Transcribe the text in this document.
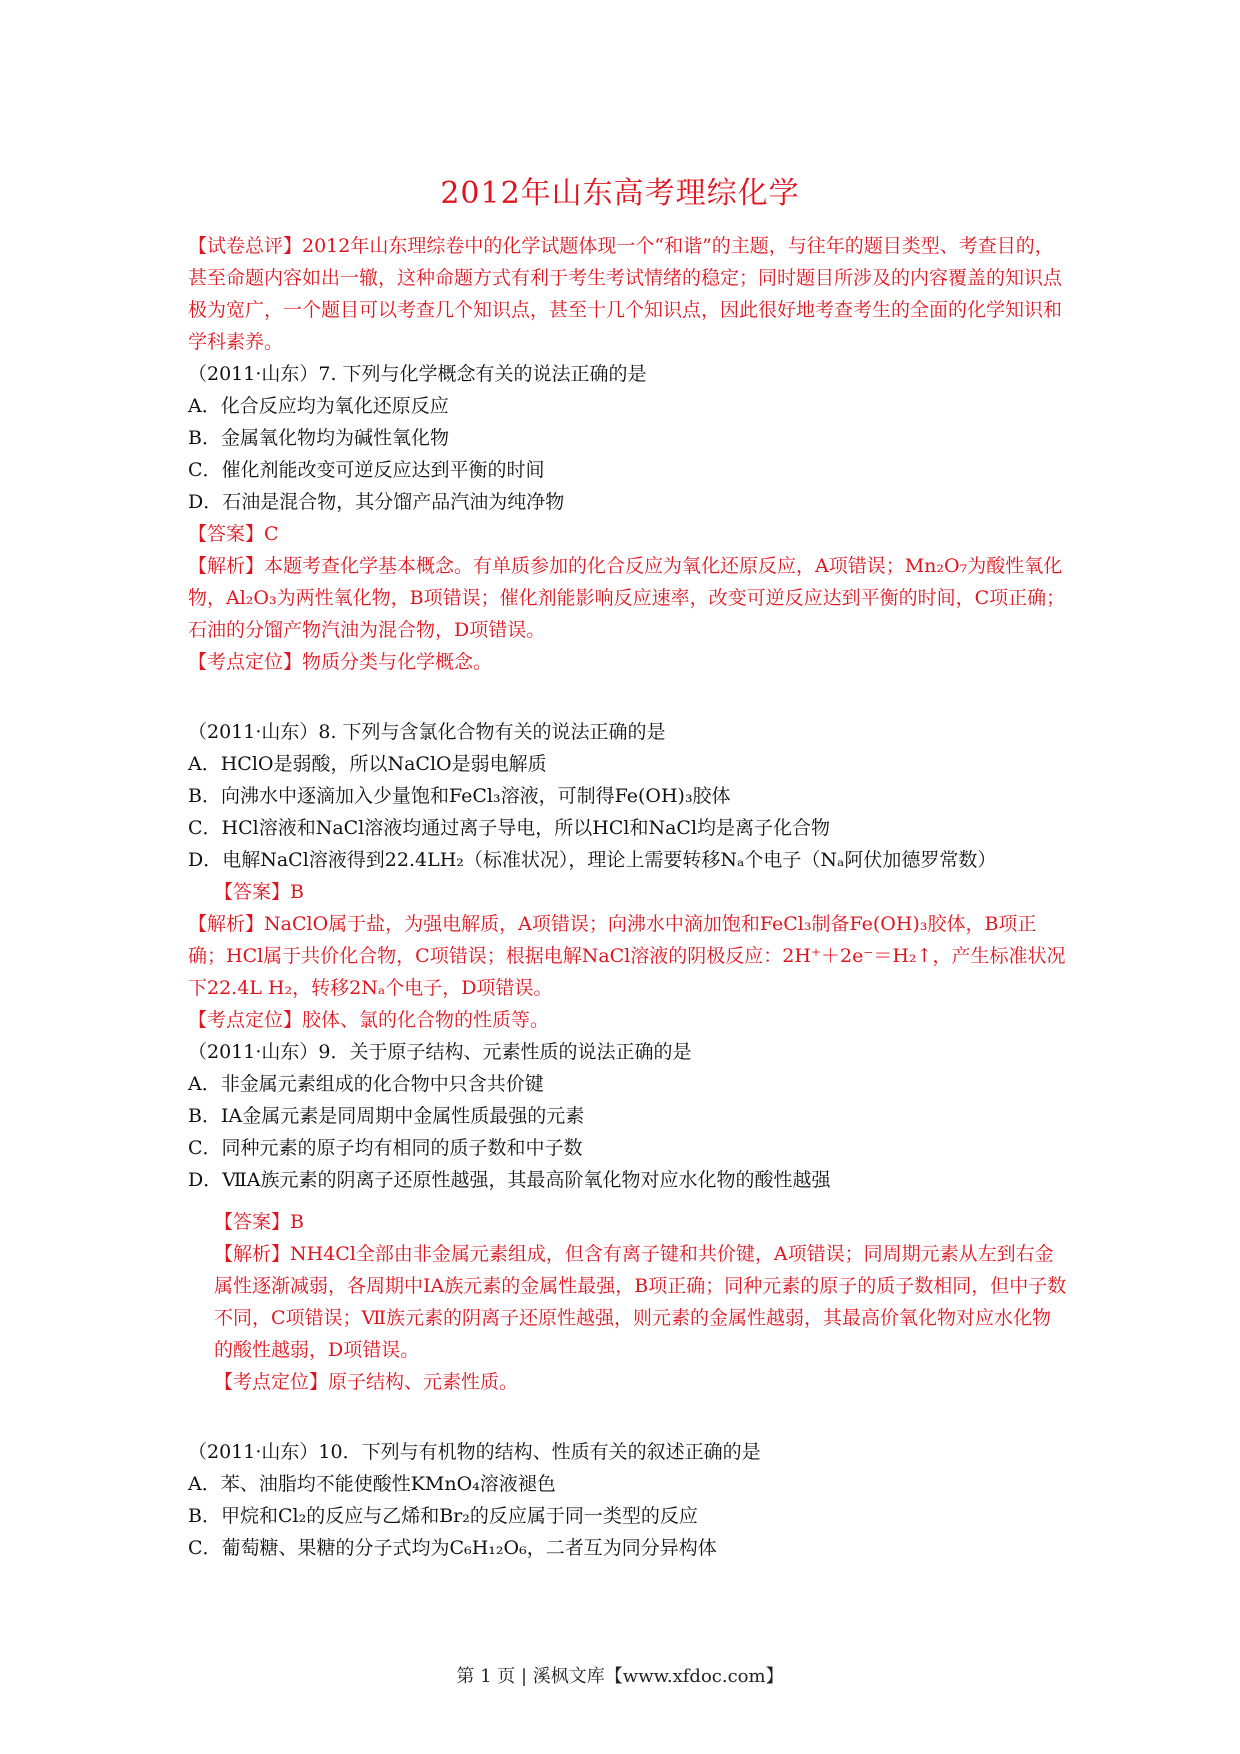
2012年山东高考理综化学

【试卷总评】2012年山东理综卷中的化学试题体现一个“和谐”的主题，与往年的题目类型、考查目的，甚至命题内容如出一辙，这种命题方式有利于考生考试情绪的稳定；同时题目所涉及的内容覆盖的知识点极为宽广，一个题目可以考查几个知识点，甚至十几个知识点，因此很好地考查考生的全面的化学知识和学科素养。

（2011·山东）7. 下列与化学概念有关的说法正确的是

A．化合反应均为氧化还原反应

B．金属氧化物均为碱性氧化物

C．催化剂能改变可逆反应达到平衡的时间

D．石油是混合物，其分馏产品汽油为纯净物

【答案】C

【解析】本题考查化学基本概念。有单质参加的化合反应为氧化还原反应，A项错误；Mn₂O₇为酸性氧化物，Al₂O₃为两性氧化物，B项错误；催化剂能影响反应速率，改变可逆反应达到平衡的时间，C项正确；石油的分馏产物汽油为混合物，D项错误。

【考点定位】物质分类与化学概念。

（2011·山东）8. 下列与含氯化合物有关的说法正确的是

A．HClO是弱酸，所以NaClO是弱电解质

B．向沸水中逐滴加入少量饱和FeCl₃溶液，可制得Fe(OH)₃胶体

C．HCl溶液和NaCl溶液均通过离子导电，所以HCl和NaCl均是离子化合物

D．电解NaCl溶液得到22.4LH₂（标准状况），理论上需要转移Nₐ个电子（Nₐ阿伏加德罗常数）

【答案】B

【解析】NaClO属于盐，为强电解质，A项错误；向沸水中滴加饱和FeCl₃制备Fe(OH)₃胶体，B项正确；HCl属于共价化合物，C项错误；根据电解NaCl溶液的阴极反应：2H⁺＋2e⁻＝H₂↑，产生标准状况下22.4L H₂，转移2Nₐ个电子，D项错误。

【考点定位】胶体、氯的化合物的性质等。

（2011·山东）9．关于原子结构、元素性质的说法正确的是

A．非金属元素组成的化合物中只含共价键

B．ⅠA金属元素是同周期中金属性质最强的元素

C．同种元素的原子均有相同的质子数和中子数

D．ⅦA族元素的阴离子还原性越强，其最高阶氧化物对应水化物的酸性越强

【答案】B

【解析】NH4Cl全部由非金属元素组成，但含有离子键和共价键，A项错误；同周期元素从左到右金属性逐渐减弱，各周期中ⅠA族元素的金属性最强，B项正确；同种元素的原子的质子数相同，但中子数不同，C项错误；Ⅶ族元素的阴离子还原性越强，则元素的金属性越弱，其最高价氧化物对应水化物的酸性越弱，D项错误。

【考点定位】原子结构、元素性质。

（2011·山东）10．下列与有机物的结构、性质有关的叙述正确的是

A．苯、油脂均不能使酸性KMnO₄溶液褪色

B．甲烷和Cl₂的反应与乙烯和Br₂的反应属于同一类型的反应

C．葡萄糖、果糖的分子式均为C₆H₁₂O₆，二者互为同分异构体

第 1 页 | 溪枫文库【www.xfdoc.com】
